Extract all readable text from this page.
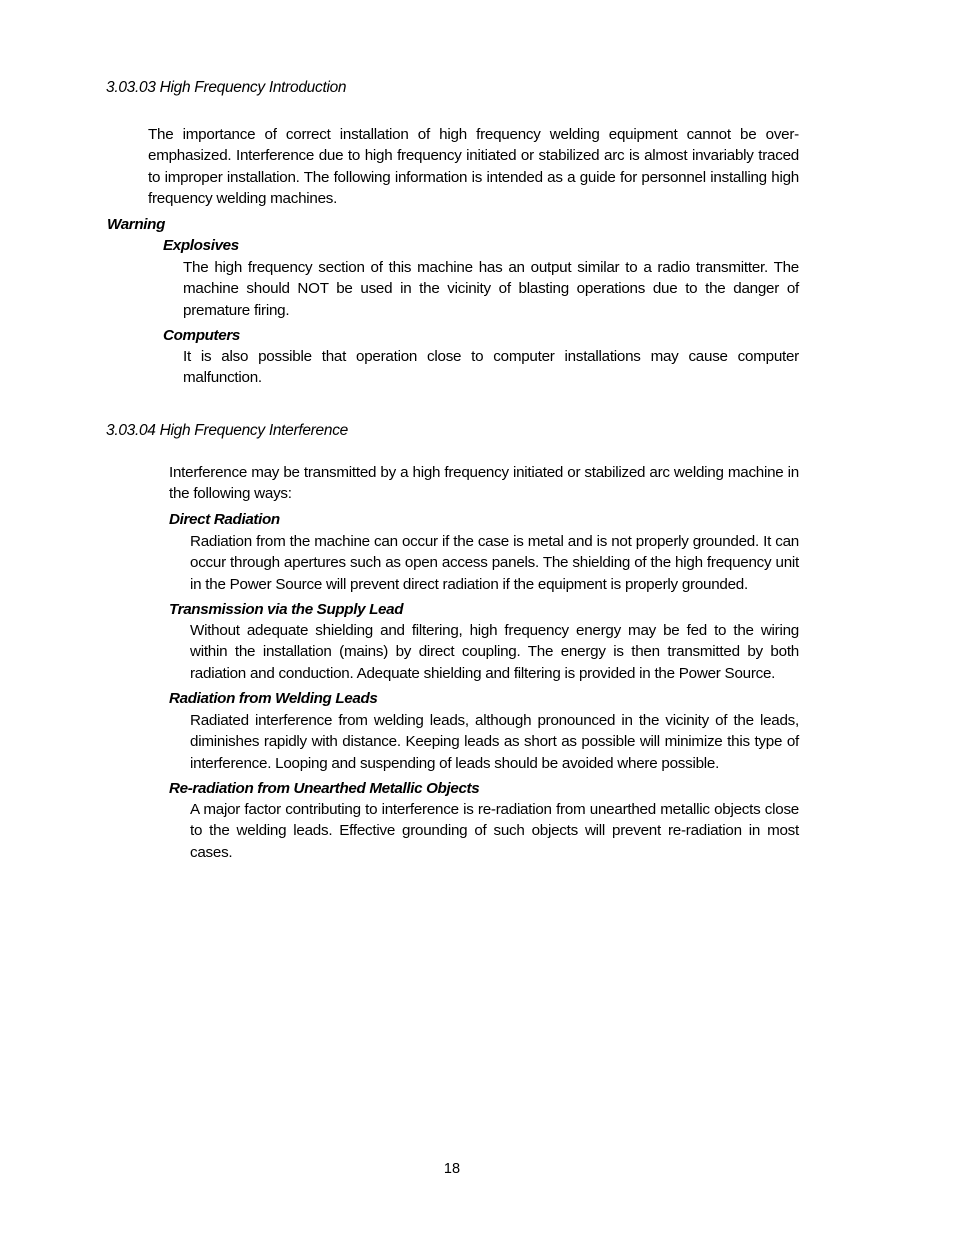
3.03.03 High Frequency Introduction
The importance of correct installation of high frequency welding equipment cannot be over-emphasized. Interference due to high frequency initiated or stabilized arc is almost invariably traced to improper installation. The following information is intended as a guide for personnel installing high frequency welding machines.
Warning
Explosives
The high frequency section of this machine has an output similar to a radio transmitter. The machine should NOT be used in the vicinity of blasting operations due to the danger of premature firing.
Computers
It is also possible that operation close to computer installations may cause computer malfunction.
3.03.04 High Frequency Interference
Interference may be transmitted by a high frequency initiated or stabilized arc welding machine in the following ways:
Direct Radiation
Radiation from the machine can occur if the case is metal and is not properly grounded. It can occur through apertures such as open access panels. The shielding of the high frequency unit in the Power Source will prevent direct radiation if the equipment is properly grounded.
Transmission via the Supply Lead
Without adequate shielding and filtering, high frequency energy may be fed to the wiring within the installation (mains) by direct coupling. The energy is then transmitted by both radiation and conduction. Adequate shielding and filtering is provided in the Power Source.
Radiation from Welding Leads
Radiated interference from welding leads, although pronounced in the vicinity of the leads, diminishes rapidly with distance. Keeping leads as short as possible will minimize this type of interference. Looping and suspending of leads should be avoided where possible.
Re-radiation from Unearthed Metallic Objects
A major factor contributing to interference is re-radiation from unearthed metallic objects close to the welding leads. Effective grounding of such objects will prevent re-radiation in most cases.
18
